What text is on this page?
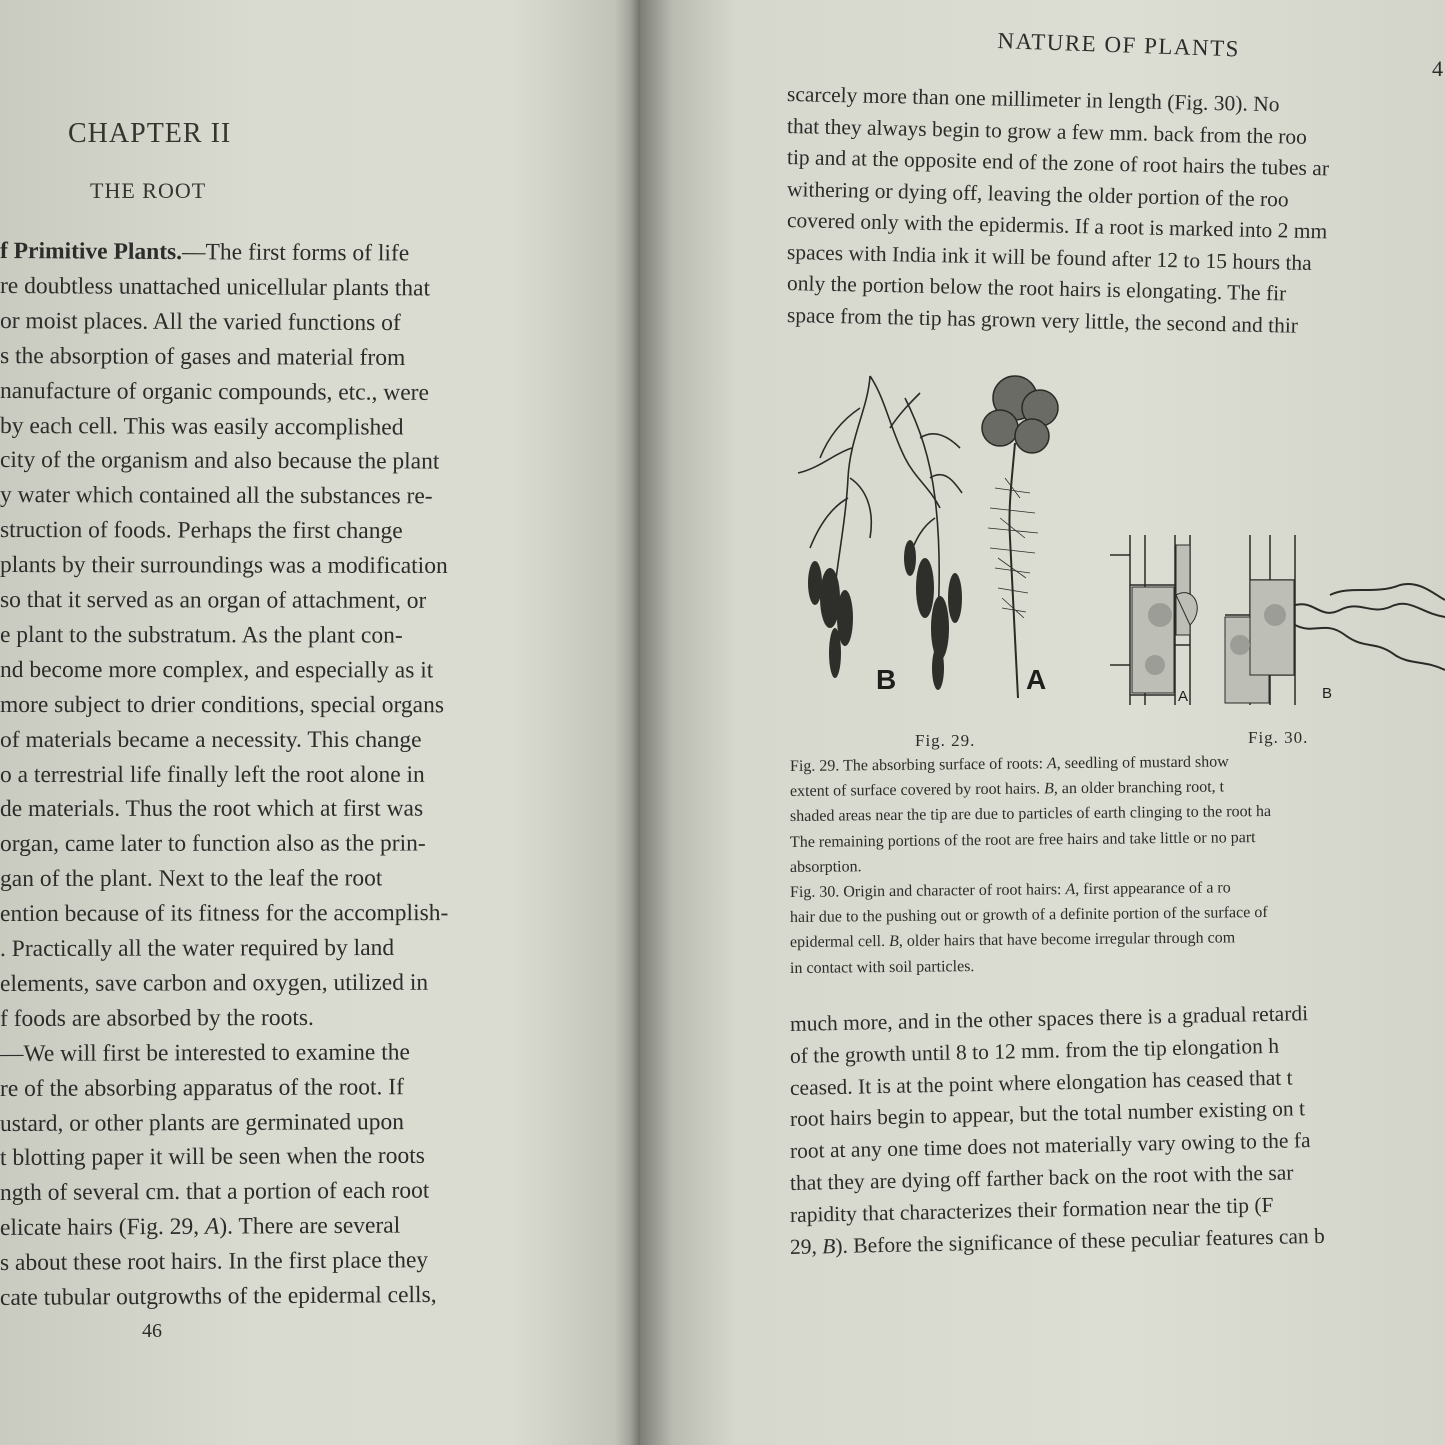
CHAPTER II
THE ROOT
f Primitive Plants.—The first forms of life
re doubtless unattached unicellular plants that
or moist places. All the varied functions of
s the absorption of gases and material from
nanufacture of organic compounds, etc., were
by each cell. This was easily accomplished
city of the organism and also because the plant
y water which contained all the substances re-
struction of foods. Perhaps the first change
plants by their surroundings was a modification
so that it served as an organ of attachment, or
e plant to the substratum. As the plant con-
nd become more complex, and especially as it
more subject to drier conditions, special organs
of materials became a necessity. This change
o a terrestrial life finally left the root alone in
de materials. Thus the root which at first was
organ, came later to function also as the prin-
gan of the plant. Next to the leaf the root
ention because of its fitness for the accomplish-
. Practically all the water required by land
elements, save carbon and oxygen, utilized in
f foods are absorbed by the roots.
—We will first be interested to examine the
re of the absorbing apparatus of the root. If
ustard, or other plants are germinated upon
t blotting paper it will be seen when the roots
ngth of several cm. that a portion of each root
elicate hairs (Fig. 29, A). There are several
s about these root hairs. In the first place they
cate tubular outgrowths of the epidermal cells,
46
NATURE OF PLANTS
4
scarcely more than one millimeter in length (Fig. 30). No
that they always begin to grow a few mm. back from the roo
tip and at the opposite end of the zone of root hairs the tubes ar
withering or dying off, leaving the older portion of the roo
covered only with the epidermis. If a root is marked into 2 mm
spaces with India ink it will be found after 12 to 15 hours tha
only the portion below the root hairs is elongating. The fir
space from the tip has grown very little, the second and thir
B	A
A	B
Fig. 29.	Fig. 30.
Fig. 29. The absorbing surface of roots: A, seedling of mustard show
extent of surface covered by root hairs. B, an older branching root, t
shaded areas near the tip are due to particles of earth clinging to the root ha
The remaining portions of the root are free hairs and take little or no part
absorption.
Fig. 30. Origin and character of root hairs: A, first appearance of a ro
hair due to the pushing out or growth of a definite portion of the surface of
epidermal cell. B, older hairs that have become irregular through com
in contact with soil particles.
much more, and in the other spaces there is a gradual retardi
of the growth until 8 to 12 mm. from the tip elongation h
ceased. It is at the point where elongation has ceased that t
root hairs begin to appear, but the total number existing on t
root at any one time does not materially vary owing to the fa
that they are dying off farther back on the root with the sar
rapidity that characterizes their formation near the tip (F
29, B). Before the significance of these peculiar features can b
